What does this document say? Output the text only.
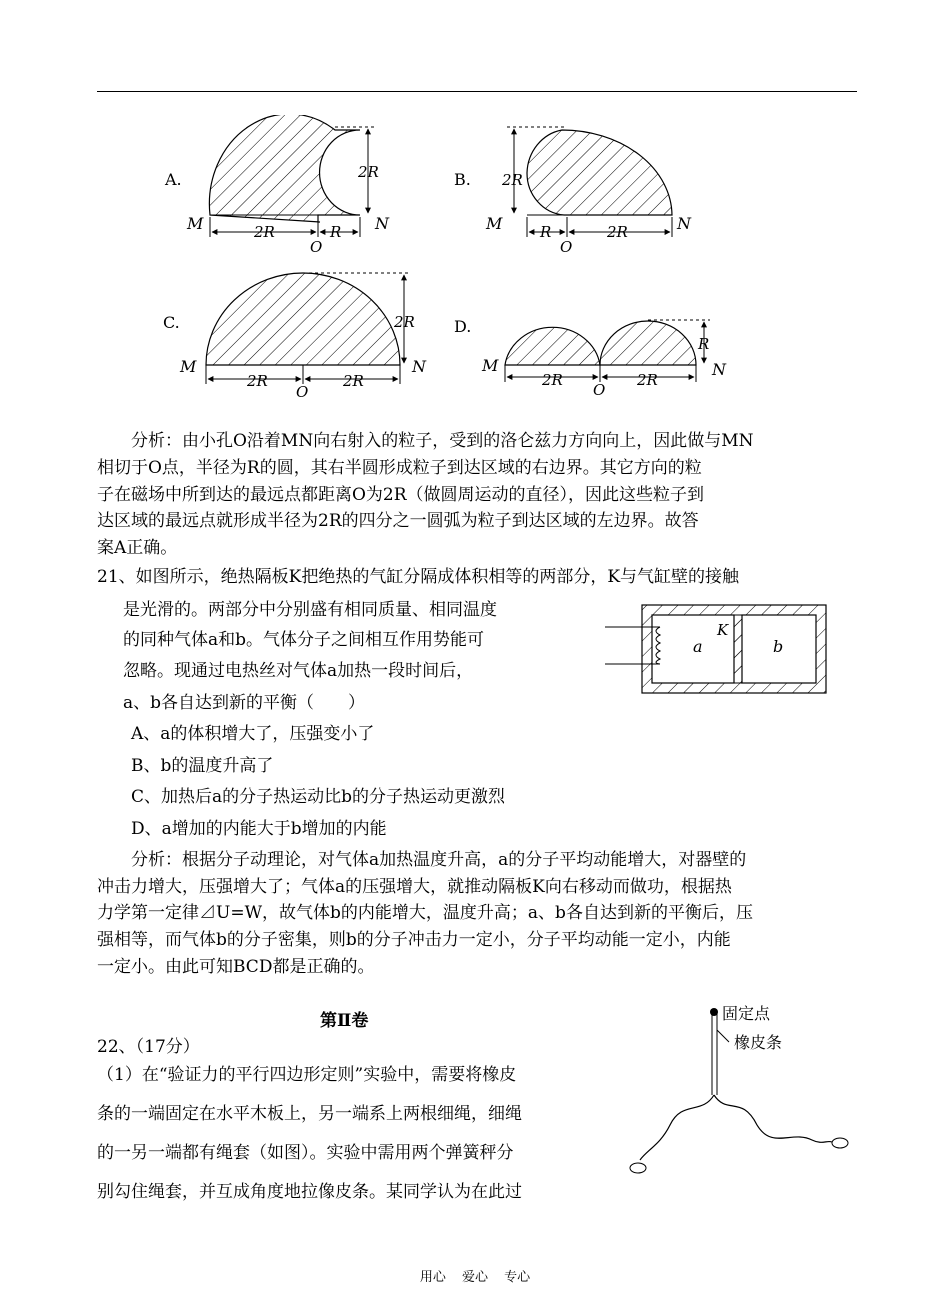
A.
M	N
O
2R	R
2R	B.
M	N
O
R	2R
2R
C.
M	N
O
2R	2R
2R D.
M	N
O
2R	2R
R
分析：由小孔O沿着MN向右射入的粒子，受到的洛仑兹力方向向上，因此做与MN
相切于O点，半径为R的圆，其右半圆形成粒子到达区域的右边界。其它方向的粒
子在磁场中所到达的最远点都距离O为2R（做圆周运动的直径），因此这些粒子到
达区域的最远点就形成半径为2R的四分之一圆弧为粒子到达区域的左边界。故答
案A正确。
21、如图所示，绝热隔板K把绝热的气缸分隔成体积相等的两部分，K与气缸壁的接触
是光滑的。两部分中分别盛有相同质量、相同温度
的同种气体a和b。气体分子之间相互作用势能可
忽略。现通过电热丝对气体a加热一段时间后，
a、b各自达到新的平衡（　　）
A、a的体积增大了，压强变小了
B、b的温度升高了
C、加热后a的分子热运动比b的分子热运动更激烈
D、a增加的内能大于b增加的内能
a	b
K
分析：根据分子动理论，对气体a加热温度升高，a的分子平均动能增大，对器壁的
冲击力增大，压强增大了；气体a的压强增大，就推动隔板K向右移动而做功，根据热
力学第一定律⊿U=W，故气体b的内能增大，温度升高；a、b各自达到新的平衡后，压
强相等，而气体b的分子密集，则b的分子冲击力一定小，分子平均动能一定小，内能
一定小。由此可知BCD都是正确的。
第Ⅱ卷
22、（17分）
（1）在“验证力的平行四边形定则”实验中，需要将橡皮
条的一端固定在水平木板上，另一端系上两根细绳，细绳
的一另一端都有绳套（如图）。实验中需用两个弹簧秤分
别勾住绳套，并互成角度地拉像皮条。某同学认为在此过
固定点
橡皮条
用心 爱心 专心
